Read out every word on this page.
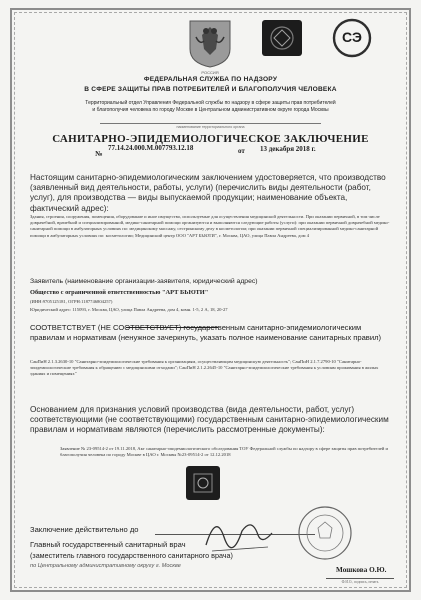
РОССИЯ

СЭ

ФЕДЕРАЛЬНАЯ СЛУЖБА ПО НАДЗОРУ

В СФЕРЕ ЗАЩИТЫ ПРАВ ПОТРЕБИТЕЛЕЙ И БЛАГОПОЛУЧИЯ ЧЕЛОВЕКА

Территориальный отдел Управления Федеральной службы по надзору в сфере защиты прав потребителей

и благополучия человека по городу Москве в Центральном административном округе города Москвы

наименование территориального органа

САНИТАРНО-ЭПИДЕМИОЛОГИЧЕСКОЕ ЗАКЛЮЧЕНИЕ

№

77.14.24.000.М.007793.12.18	от 13 декабря 2018 г.

Настоящим санитарно-эпидемиологическим заключением удостоверяется, что производство (заявленный вид деятельности, работы, услуги) (перечислить виды деятельности (работ, услуг), для производства — виды выпускаемой продукции; наименование объекта, фактический адрес):

Здания, строения, сооружения, помещения, оборудование и иное имущество, используемые для осуществления медицинской деятельности. При оказании первичной, в том числе доврачебной, врачебной и специализированной, медико-санитарной помощи организуются и выполняются следующие работы (услуги): при оказании первичной доврачебной медико-санитарной помощи в амбулаторных условиях по: медицинскому массажу, сестринскому делу в косметологии; при оказании первичной специализированной медико-санитарной помощи в амбулаторных условиях по: косметологии; Медицинский центр ООО "АРТ БЬЮТИ", г. Москва, ЦАО, улица Павла Андреева, дом 4

Заявитель (наименование организации-заявителя, юридический адрес)

Общество с ограниченной ответственностью "АРТ БЬЮТИ"

(ИНН:9705125181, ОГРН:1187746804257)

Юридический адрес: 115093, г. Москва, ЦАО, улица Павла Андреева, дом 4, комн. 1-5, 2 А, 18, 20-27

СООТВЕТСТВУЕТ (НЕ СООТВЕТСТВУЕТ) государственным санитарно-эпидемиологическим правилам и нормативам (ненужное зачеркнуть, указать полное наименование санитарных правил)

СанПиН 2.1.3.2630-10 "Санитарно-эпидемиологические требования к организациям, осуществляющим медицинскую деятельность"; СанПиН 2.1.7.2790-10 "Санитарно-эпидемиологические требования к обращению с медицинскими отходами"; СанПиН 2.1.2.2645-10 "Санитарно-эпидемиологические требования к условиям проживания в жилых зданиях и помещениях"

Основанием для признания условий производства (вида деятельности, работ, услуг) соответствующими (не соответствующими) государственным санитарно-эпидемиологическим правилам и нормативам являются (перечислить рассмотренные документы):

Заявление № 23-09514-2 от 19.11.2018, Акт санитарно-эпидемиологического обследования ТОУ Федеральной службы по надзору в сфере защиты прав потребителей и благополучия человека по городу Москве в ЦАО г. Москвы №23-09514-2 от 12.12.2018

Заключение действительно до

Главный государственный санитарный врач

(заместитель главного государственного санитарного врача)

по Центральному административному округу г. Москве	Мошкова О.Ю.

Ф.И.О., подпись, печать
